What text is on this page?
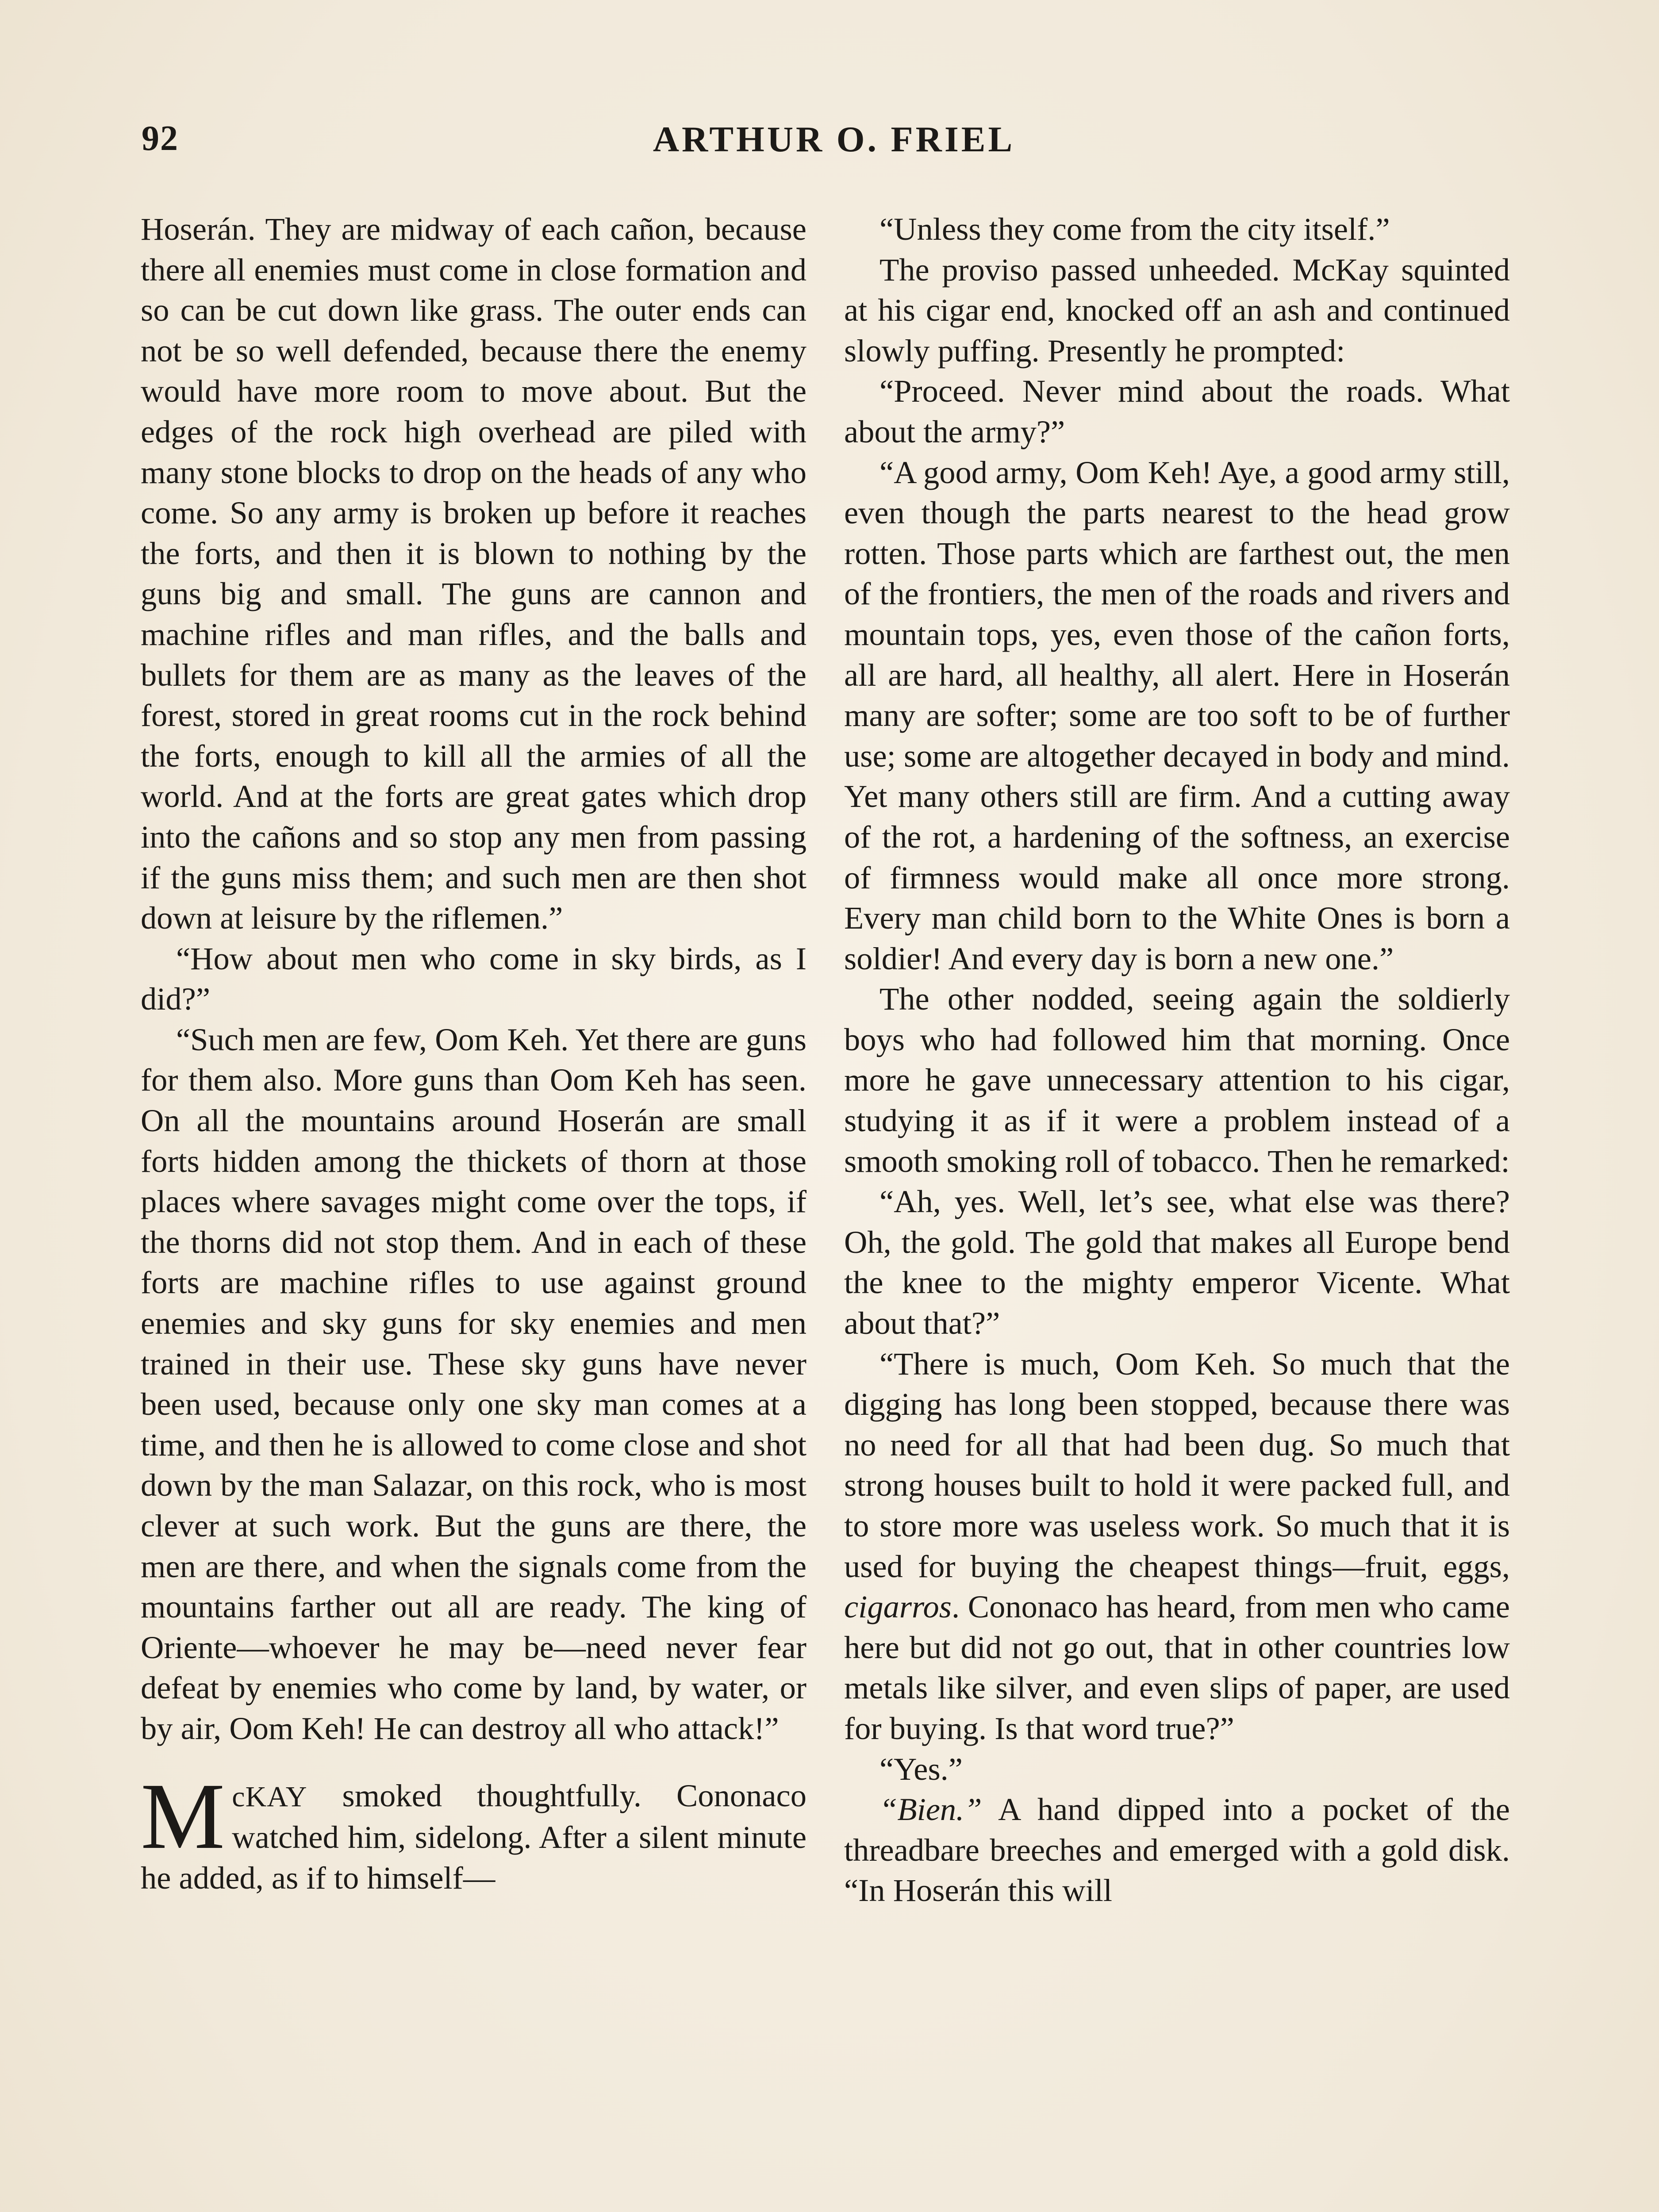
92	ARTHUR O. FRIEL

Hoserán. They are midway of each cañon, because there all enemies must come in close formation and so can be cut down like grass. The outer ends can not be so well defended, because there the enemy would have more room to move about. But the edges of the rock high overhead are piled with many stone blocks to drop on the heads of any who come. So any army is broken up before it reaches the forts, and then it is blown to nothing by the guns big and small. The guns are cannon and machine rifles and man rifles, and the balls and bullets for them are as many as the leaves of the forest, stored in great rooms cut in the rock behind the forts, enough to kill all the armies of all the world. And at the forts are great gates which drop into the cañons and so stop any men from passing if the guns miss them; and such men are then shot down at leisure by the riflemen.”

“How about men who come in sky birds, as I did?”

“Such men are few, Oom Keh. Yet there are guns for them also. More guns than Oom Keh has seen. On all the mountains around Hoserán are small forts hidden among the thickets of thorn at those places where savages might come over the tops, if the thorns did not stop them. And in each of these forts are machine rifles to use against ground enemies and sky guns for sky enemies and men trained in their use. These sky guns have never been used, because only one sky man comes at a time, and then he is allowed to come close and shot down by the man Salazar, on this rock, who is most clever at such work. But the guns are there, the men are there, and when the signals come from the mountains farther out all are ready. The king of Oriente—whoever he may be—need never fear defeat by enemies who come by land, by water, or by air, Oom Keh! He can destroy all who attack!”

McKAY smoked thoughtfully. Cononaco watched him, sidelong. After a silent minute he added, as if to himself—

“Unless they come from the city itself.”

The proviso passed unheeded. McKay squinted at his cigar end, knocked off an ash and continued slowly puffing. Presently he prompted:

“Proceed. Never mind about the roads. What about the army?”

“A good army, Oom Keh! Aye, a good army still, even though the parts nearest to the head grow rotten. Those parts which are farthest out, the men of the frontiers, the men of the roads and rivers and mountain tops, yes, even those of the cañon forts, all are hard, all healthy, all alert. Here in Hoserán many are softer; some are too soft to be of further use; some are altogether decayed in body and mind. Yet many others still are firm. And a cutting away of the rot, a hardening of the softness, an exercise of firmness would make all once more strong. Every man child born to the White Ones is born a soldier! And every day is born a new one.”

The other nodded, seeing again the soldierly boys who had followed him that morning. Once more he gave unnecessary attention to his cigar, studying it as if it were a problem instead of a smooth smoking roll of tobacco. Then he remarked:

“Ah, yes. Well, let’s see, what else was there? Oh, the gold. The gold that makes all Europe bend the knee to the mighty emperor Vicente. What about that?”

“There is much, Oom Keh. So much that the digging has long been stopped, because there was no need for all that had been dug. So much that strong houses built to hold it were packed full, and to store more was useless work. So much that it is used for buying the cheapest things—fruit, eggs, cigarros. Cononaco has heard, from men who came here but did not go out, that in other countries low metals like silver, and even slips of paper, are used for buying. Is that word true?”

“Yes.”

“Bien.” A hand dipped into a pocket of the threadbare breeches and emerged with a gold disk. “In Hoserán this will
